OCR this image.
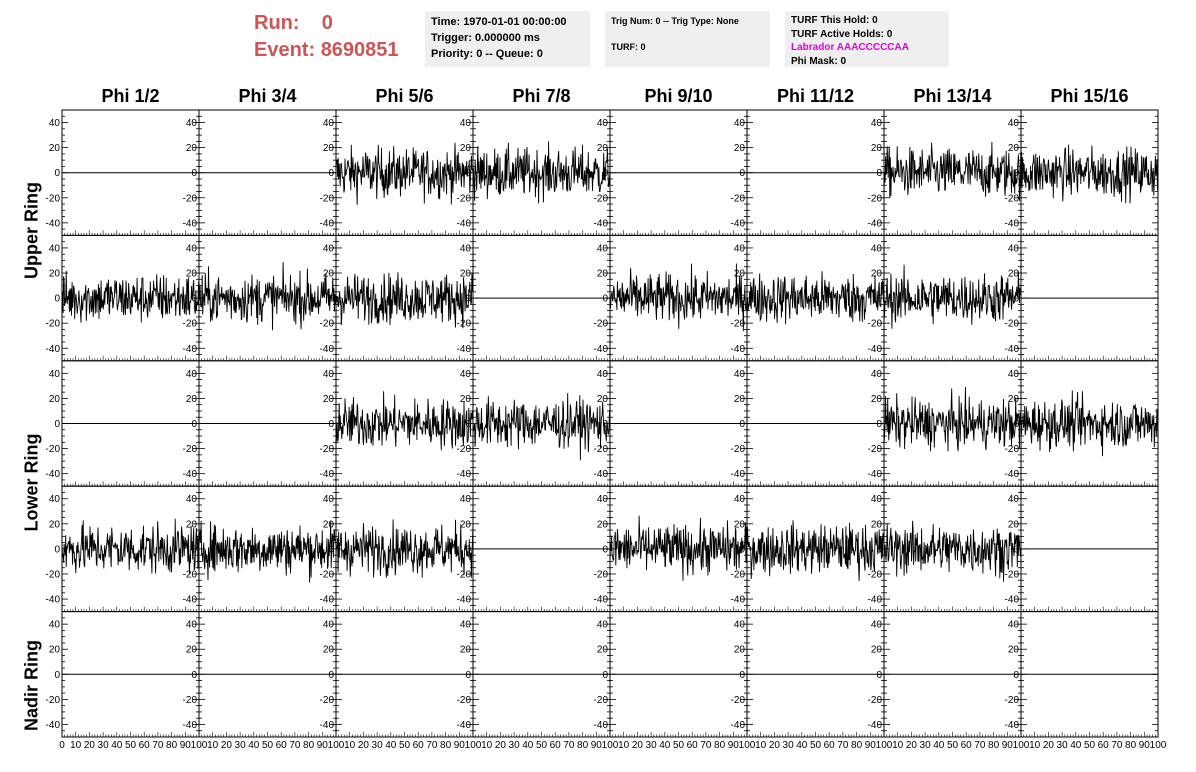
Run: 0
Event: 8690851
Time: 1970-01-01 00:00:00
Trigger: 0.000000 ms
Priority: 0 -- Queue: 0
Trig Num: 0 -- Trig Type: None
TURF: 0
TURF This Hold: 0
TURF Active Holds: 0
Labrador AAACCCCCAA
Phi Mask: 0
Phi 1/2	Phi 3/4	Phi 5/6	Phi 7/8	Phi 9/10	Phi 11/12	Phi 13/14	Phi 15/16
Upper Ring
Lower Ring
Nadir Ring
-40
-20
0
20
40
-40
-20
0
20
40
-40
-20
0
20
40
-40
-20
0
20
40
-40
-20
0
20
40
-40
-20
0
20
40
-40
-20
0
20
40
-40
-20
0
20
40
-40
-20
0
20
40
-40
-20
0
20
40
-40
-20
0
20
40
-40
-20
0
20
40
-40
-20
0
20
40
-40
-20
0
20
40
-40
-20
0
20
40
-40
-20
0
20
40
-40
-20
0
20
40
-40
-20
0
20
40
-40
-20
0
20
40
-40
-20
0
20
40
-40
-20
0
20
40
-40
-20
0
20
40
-40
-20
0
20
40
-40
-20
0
20
40
-40
-20
0
20
40
-40
-20
0
20
40
-40
-20
0
20
40
-40
-20
0
20
40
-40
-20
0
20
40
-40
-20
0
20
40
-40
-20
0
20
40
-40
-20
0
20
40
-40
-20
0
20
40
0 10 20 30 40 50 60 70 80 90 100
-40
-20
0
20
40
10 20 30 40 50 60 70 80 90 100
-40
-20
0
20
40
10 20 30 40 50 60 70 80 90 100
-40
-20
0
20
40
10 20 30 40 50 60 70 80 90 100
-40
-20
0
20
40
10 20 30 40 50 60 70 80 90 100
-40
-20
0
20
40
10 20 30 40 50 60 70 80 90 100
-40
-20
0
20
40
10 20 30 40 50 60 70 80 90 100
-40
-20
0
20
40
10 20 30 40 50 60 70 80 90 100
